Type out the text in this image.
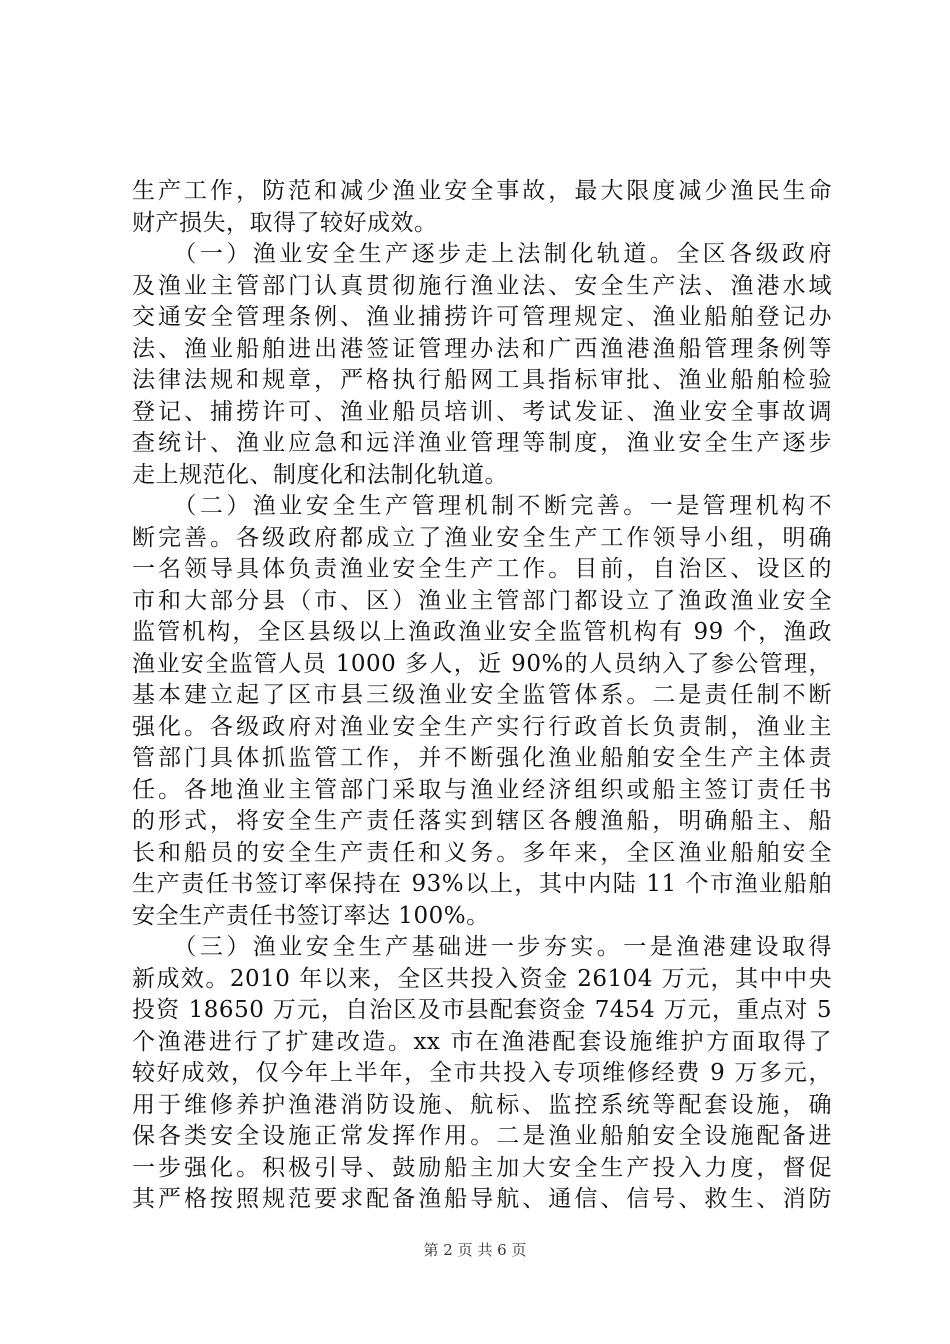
生产工作，防范和减少渔业安全事故，最大限度减少渔民生命
财产损失，取得了较好成效。
　　（一）渔业安全生产逐步走上法制化轨道。全区各级政府
及渔业主管部门认真贯彻施行渔业法、安全生产法、渔港水域
交通安全管理条例、渔业捕捞许可管理规定、渔业船舶登记办
法、渔业船舶进出港签证管理办法和广西渔港渔船管理条例等
法律法规和规章，严格执行船网工具指标审批、渔业船舶检验
登记、捕捞许可、渔业船员培训、考试发证、渔业安全事故调
查统计、渔业应急和远洋渔业管理等制度，渔业安全生产逐步
走上规范化、制度化和法制化轨道。
　　（二）渔业安全生产管理机制不断完善。一是管理机构不
断完善。各级政府都成立了渔业安全生产工作领导小组，明确
一名领导具体负责渔业安全生产工作。目前，自治区、设区的
市和大部分县（市、区）渔业主管部门都设立了渔政渔业安全
监管机构，全区县级以上渔政渔业安全监管机构有 99 个，渔政
渔业安全监管人员 1000 多人，近 90%的人员纳入了参公管理，
基本建立起了区市县三级渔业安全监管体系。二是责任制不断
强化。各级政府对渔业安全生产实行行政首长负责制，渔业主
管部门具体抓监管工作，并不断强化渔业船舶安全生产主体责
任。各地渔业主管部门采取与渔业经济组织或船主签订责任书
的形式，将安全生产责任落实到辖区各艘渔船，明确船主、船
长和船员的安全生产责任和义务。多年来，全区渔业船舶安全
生产责任书签订率保持在 93%以上，其中内陆 11 个市渔业船舶
安全生产责任书签订率达 100%。
　　（三）渔业安全生产基础进一步夯实。一是渔港建设取得
新成效。2010 年以来，全区共投入资金 26104 万元，其中中央
投资 18650 万元，自治区及市县配套资金 7454 万元，重点对 5
个渔港进行了扩建改造。xx 市在渔港配套设施维护方面取得了
较好成效，仅今年上半年，全市共投入专项维修经费 9 万多元，
用于维修养护渔港消防设施、航标、监控系统等配套设施，确
保各类安全设施正常发挥作用。二是渔业船舶安全设施配备进
一步强化。积极引导、鼓励船主加大安全生产投入力度，督促
其严格按照规范要求配备渔船导航、通信、信号、救生、消防
第 2 页 共 6 页
